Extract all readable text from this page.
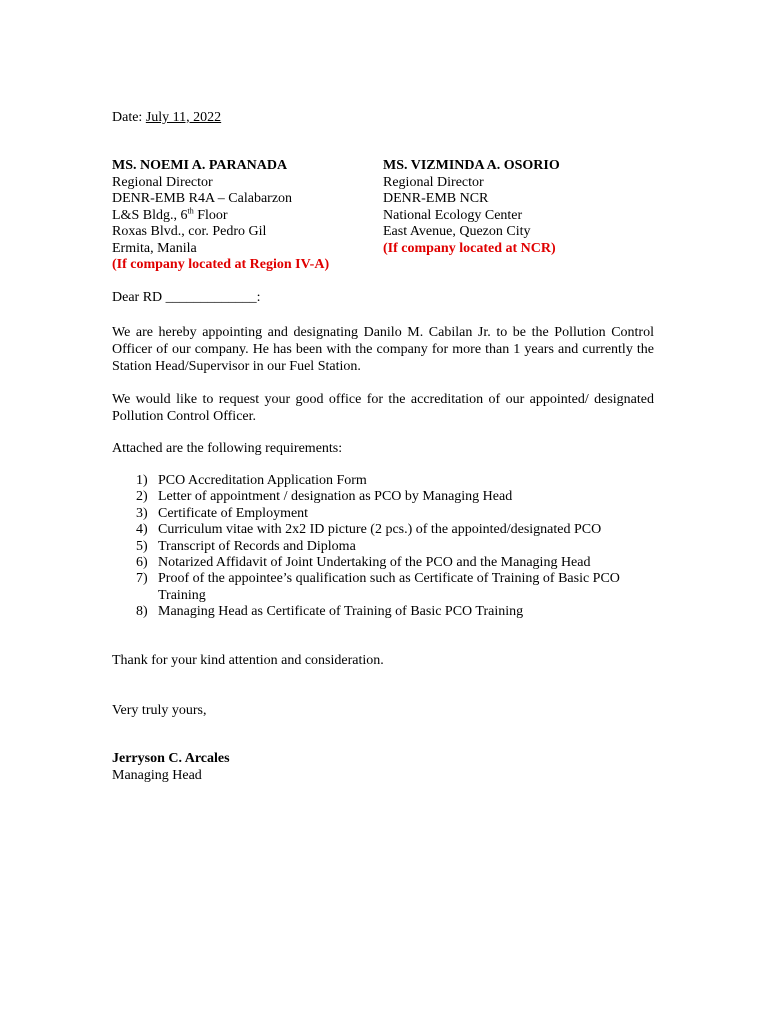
Date: July 11, 2022
MS. NOEMI A. PARANADA
Regional Director
DENR-EMB R4A – Calabarzon
L&S Bldg., 6th Floor
Roxas Blvd., cor. Pedro Gil
Ermita, Manila
(If company located at Region IV-A)
MS. VIZMINDA A. OSORIO
Regional Director
DENR-EMB NCR
National Ecology Center
East Avenue, Quezon City
(If company located at NCR)
Dear RD _____________:
We are hereby appointing and designating Danilo M. Cabilan Jr. to be the Pollution Control Officer of our company. He has been with the company for more than 1 years and currently the Station Head/Supervisor in our Fuel Station.
We would like to request your good office for the accreditation of our appointed/ designated Pollution Control Officer.
Attached are the following requirements:
1) PCO Accreditation Application Form
2) Letter of appointment / designation as PCO by Managing Head
3) Certificate of Employment
4) Curriculum vitae with 2x2 ID picture (2 pcs.) of the appointed/designated PCO
5) Transcript of Records and Diploma
6) Notarized Affidavit of Joint Undertaking of the PCO and the Managing Head
7) Proof of the appointee’s qualification such as Certificate of Training of Basic PCO Training
8) Managing Head as Certificate of Training of Basic PCO Training
Thank for your kind attention and consideration.
Very truly yours,
Jerryson C. Arcales
Managing Head
